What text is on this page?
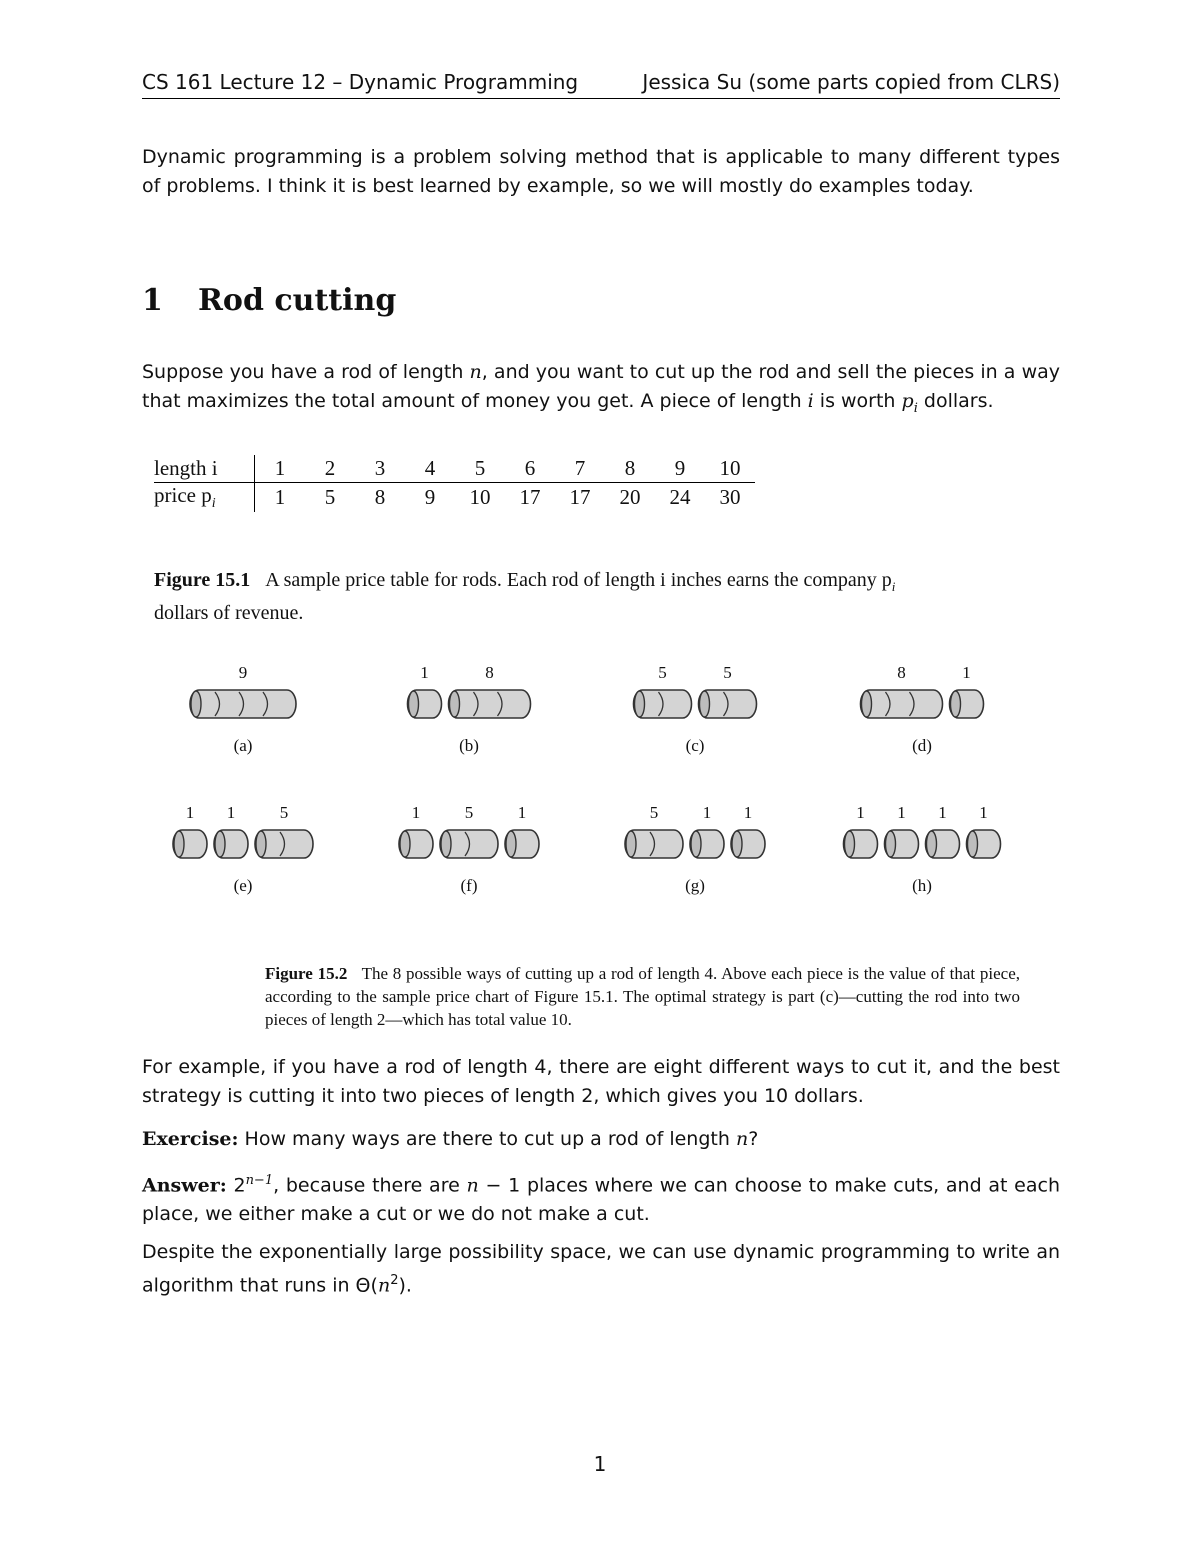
CS 161 Lecture 12 – Dynamic Programming	Jessica Su (some parts copied from CLRS)

Dynamic programming is a problem solving method that is applicable to many different types of problems. I think it is best learned by example, so we will mostly do examples today.

1 Rod cutting

Suppose you have a rod of length n, and you want to cut up the rod and sell the pieces in a way that maximizes the total amount of money you get. A piece of length i is worth $p_i$ dollars.

length i	1	2	3	4	5	6	7	8	9	10
price $p_i$	1	5	8	9	10	17	17	20	24	30
Figure 15.1 A sample price table for rods. Each rod of length i inches earns the company $p_i$
dollars of revenue.
9
(a)
1	8
(b)
5	5
(c)
8	1
(d)
1 1	5
(e)
1	5	1
(f)
5	1 1
(g)
1 1 1 1
(h)
Figure 15.2 The 8 possible ways of cutting up a rod of length 4. Above each piece is the value of that piece, according to the sample price chart of Figure 15.1. The optimal strategy is part (c)—cutting the rod into two pieces of length 2—which has total value 10.

For example, if you have a rod of length 4, there are eight different ways to cut it, and the best strategy is cutting it into two pieces of length 2, which gives you 10 dollars.

Exercise: How many ways are there to cut up a rod of length n?

Answer: $2^{n-1}$, because there are n − 1 places where we can choose to make cuts, and at each place, we either make a cut or we do not make a cut.

Despite the exponentially large possibility space, we can use dynamic programming to write an algorithm that runs in $\Theta(n^2)$.

1
